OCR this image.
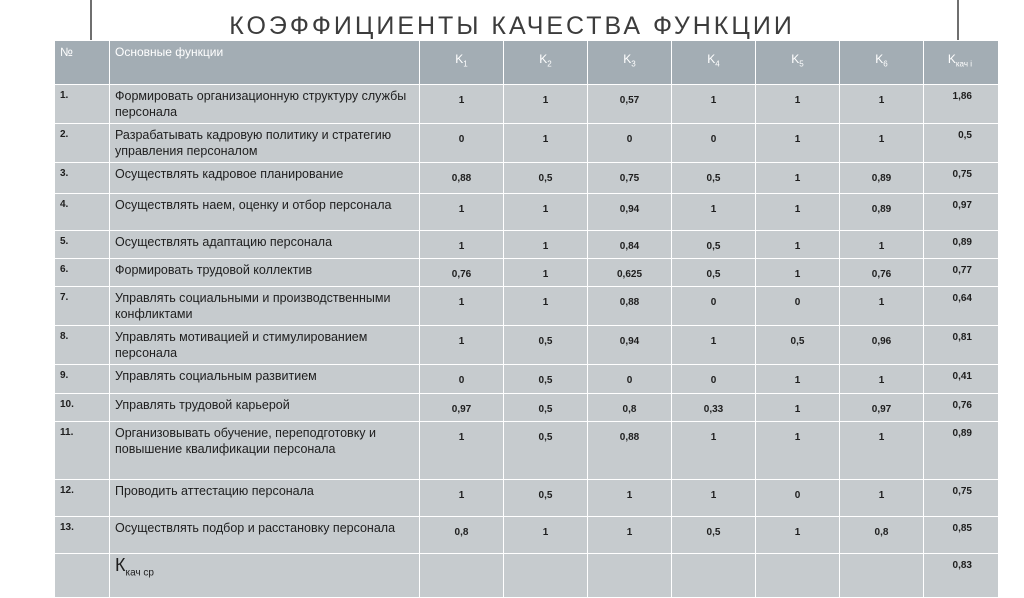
КОЭФФИЦИЕНТЫ КАЧЕСТВА ФУНКЦИИ
№	Основные функции	$K_1$	$K_2$	$K_3$	$K_4$	$K_5$	$K_6$	$K_{кач i}$
1.	Формировать организационную структуру службы персонала	1	1	0,57	1	1	1	1,86
2.	Разрабатывать кадровую политику и стратегию управления персоналом	0	1	0	0	1	1	0,5
3.	Осуществлять кадровое планирование	0,88	0,5	0,75	0,5	1	0,89	0,75
4.	Осуществлять наем, оценку и отбор персонала	1	1	0,94	1	1	0,89	0,97
5.	Осуществлять адаптацию персонала	1	1	0,84	0,5	1	1	0,89
6.	Формировать трудовой коллектив	0,76	1	0,625	0,5	1	0,76	0,77
7.	Управлять социальными и производственными конфликтами	1	1	0,88	0	0	1	0,64
8.	Управлять мотивацией и стимулированием персонала	1	0,5	0,94	1	0,5	0,96	0,81
9.	Управлять социальным развитием	0	0,5	0	0	1	1	0,41
10.	Управлять трудовой карьерой	0,97	0,5	0,8	0,33	1	0,97	0,76
11.	Организовывать обучение, переподготовку и повышение квалификации персонала	1	0,5	0,88	1	1	1	0,89
12.	Проводить аттестацию персонала	1	0,5	1	1	0	1	0,75
13.	Осуществлять подбор и расстановку персонала	0,8	1	1	0,5	1	0,8	0,85
	$К_{кач ср}$							0,83
